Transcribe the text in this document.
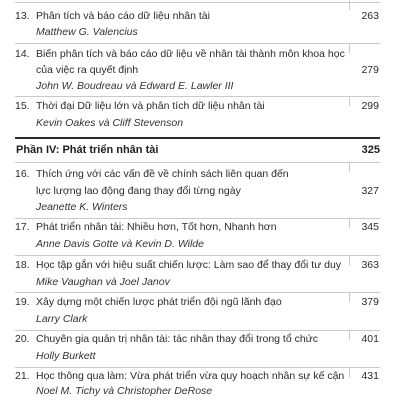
13. Phân tích và báo cáo dữ liệu nhân tài	263
Matthew G. Valencius
14. Biến phân tích và báo cáo dữ liệu về nhân tài thành môn khoa học
của việc ra quyết định	279
John W. Boudreau và Edward E. Lawler III
15. Thời đại Dữ liệu lớn và phân tích dữ liệu nhân tài	299
Kevin Oakes và Cliff Stevenson
Phần IV: Phát triển nhân tài	325
16. Thích ứng với các vấn đề về chính sách liên quan đến
lực lượng lao động đang thay đổi từng ngày	327
Jeanette K. Winters
17. Phát triển nhân tài: Nhiều hơn, Tốt hơn, Nhanh hơn	345
Anne Davis Gotte và Kevin D. Wilde
18. Học tập gắn với hiệu suất chiến lược: Làm sao để thay đổi tư duy	363
Mike Vaughan và Joel Janov
19. Xây dựng một chiến lược phát triển đội ngũ lãnh đạo	379
Larry Clark
20. Chuyên gia quản trị nhân tài: tác nhân thay đổi trong tổ chức	401
Holly Burkett
21. Học thông qua làm: Vừa phát triển vừa quy hoạch nhân sự kế cận	431
Noel M. Tichy và Christopher DeRose
